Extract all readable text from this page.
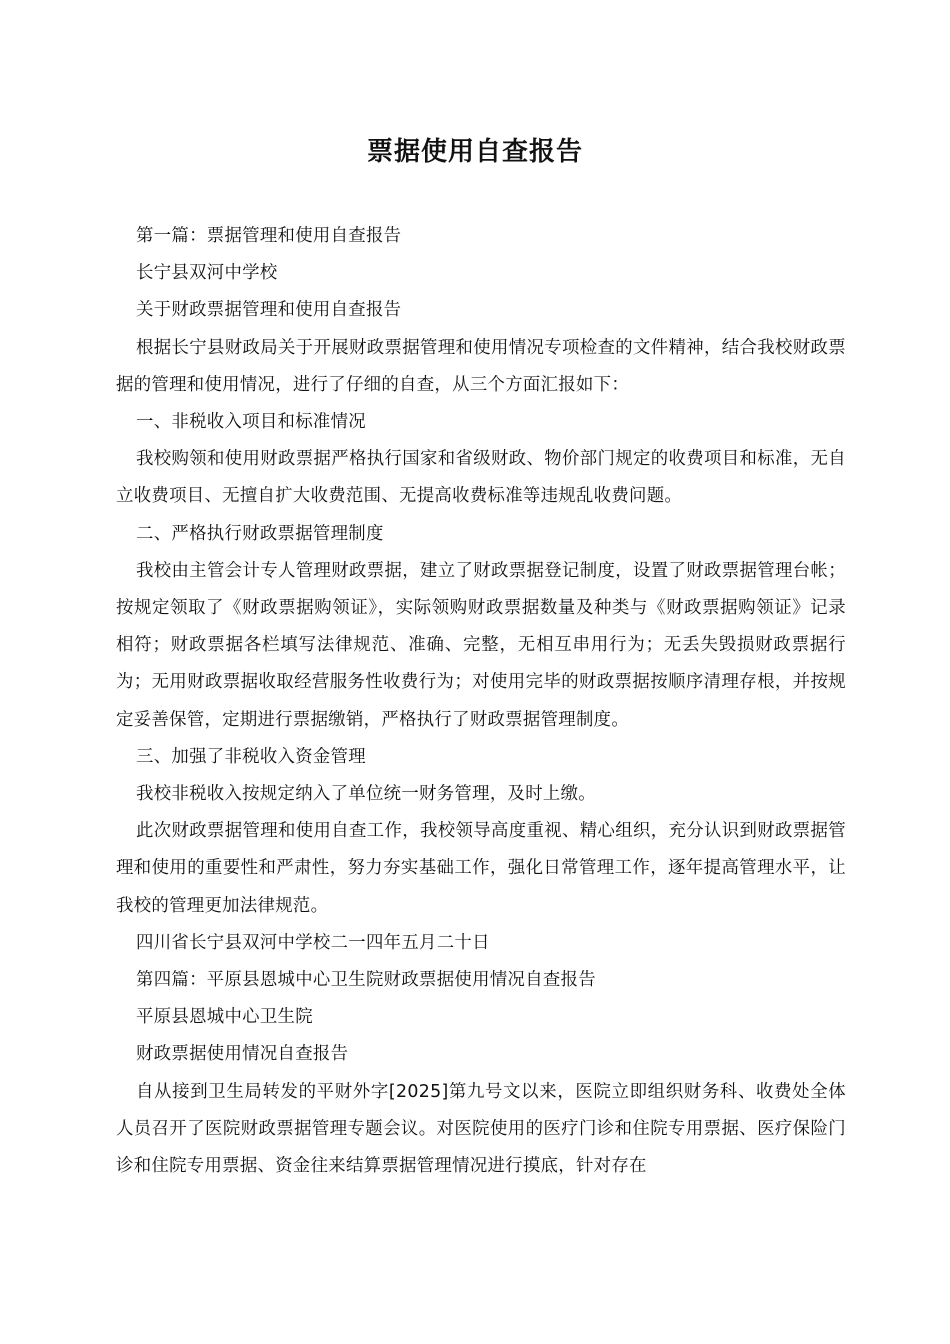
票据使用自查报告

第一篇：票据管理和使用自查报告

长宁县双河中学校

关于财政票据管理和使用自查报告

根据长宁县财政局关于开展财政票据管理和使用情况专项检查的文件精神，结合我校财政票据的管理和使用情况，进行了仔细的自查，从三个方面汇报如下：

一、非税收入项目和标准情况

我校购领和使用财政票据严格执行国家和省级财政、物价部门规定的收费项目和标准，无自立收费项目、无擅自扩大收费范围、无提高收费标准等违规乱收费问题。

二、严格执行财政票据管理制度

我校由主管会计专人管理财政票据，建立了财政票据登记制度，设置了财政票据管理台帐；按规定领取了《财政票据购领证》，实际领购财政票据数量及种类与《财政票据购领证》记录相符；财政票据各栏填写法律规范、准确、完整，无相互串用行为；无丢失毁损财政票据行为；无用财政票据收取经营服务性收费行为；对使用完毕的财政票据按顺序清理存根，并按规定妥善保管，定期进行票据缴销，严格执行了财政票据管理制度。

三、加强了非税收入资金管理

我校非税收入按规定纳入了单位统一财务管理，及时上缴。

此次财政票据管理和使用自查工作，我校领导高度重视、精心组织，充分认识到财政票据管理和使用的重要性和严肃性，努力夯实基础工作，强化日常管理工作，逐年提高管理水平，让我校的管理更加法律规范。

四川省长宁县双河中学校二一四年五月二十日

第四篇：平原县恩城中心卫生院财政票据使用情况自查报告

平原县恩城中心卫生院

财政票据使用情况自查报告

自从接到卫生局转发的平财外字[2025]第九号文以来，医院立即组织财务科、收费处全体人员召开了医院财政票据管理专题会议。对医院使用的医疗门诊和住院专用票据、医疗保险门诊和住院专用票据、资金往来结算票据管理情况进行摸底，针对存在
